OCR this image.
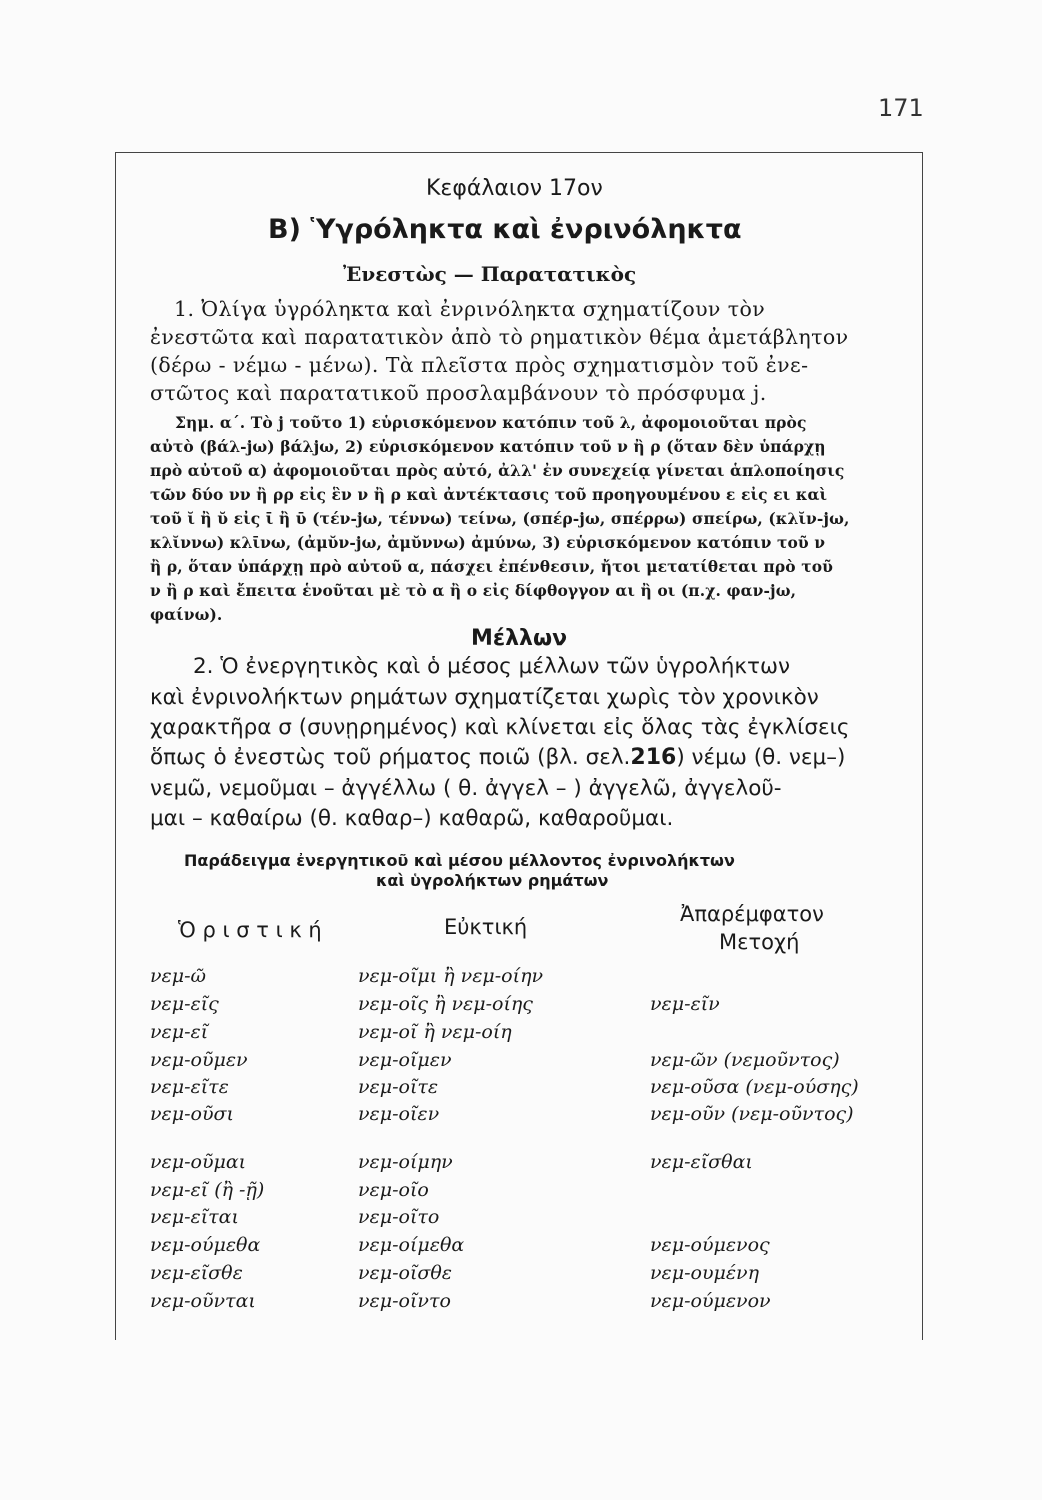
171
Κεφάλαιον 17ον
Β) Ὑγρόληκτα καὶ ἐνρινόληκτα
Ἐνεστὼς — Παρατατικὸς
1. Ὀλίγα ὑγρόληκτα καὶ ἐνρινόληκτα σχηματίζουν τὸν
ἐνεστῶτα καὶ παρατατικὸν ἀπὸ τὸ ρηματικὸν θέμα ἀμετάβλητον
(δέρω - νέμω - μένω). Τὰ πλεῖστα πρὸς σχηματισμὸν τοῦ ἐνε-
στῶτος καὶ παρατατικοῦ προσλαμβάνουν τὸ πρόσφυμα j.
Σημ. α΄. Τὸ j τοῦτο 1) εὑρισκόμενον κατόπιν τοῦ λ, ἀφομοιοῦται πρὸς
αὐτὸ (βάλ-jω) βάλjω, 2) εὑρισκόμενον κατόπιν τοῦ ν ἢ ρ (ὅταν δὲν ὑπάρχῃ
πρὸ αὐτοῦ α) ἀφομοιοῦται πρὸς αὐτό, ἀλλ' ἐν συνεχείᾳ γίνεται ἁπλοποίησις
τῶν δύο νν ἢ ρρ εἰς ἓν ν ἢ ρ καὶ ἀντέκτασις τοῦ προηγουμένου ε εἰς ει καὶ
τοῦ ῐ ἢ ῠ εἰς ῑ ἢ ῡ (τέν-jω, τέννω) τείνω, (σπέρ-jω, σπέρρω) σπείρω, (κλῐν-jω,
κλῐννω) κλῑνω, (ἀμῠν-jω, ἀμῠννω) ἀμύνω, 3) εὑρισκόμενον κατόπιν τοῦ ν
ἢ ρ, ὅταν ὑπάρχῃ πρὸ αὐτοῦ α, πάσχει ἐπένθεσιν, ἤτοι μετατίθεται πρὸ τοῦ
ν ἢ ρ καὶ ἔπειτα ἑνοῦται μὲ τὸ α ἢ ο εἰς δίφθογγον αι ἢ οι (π.χ. φαν-jω,
φαίνω).
Μέλλων
2. Ὁ ἐνεργητικὸς καὶ ὁ μέσος μέλλων τῶν ὑγρολήκτων
καὶ ἐνρινολήκτων ρημάτων σχηματίζεται χωρὶς τὸν χρονικὸν
χαρακτῆρα σ (συνῃρημένος) καὶ κλίνεται εἰς ὅλας τὰς ἐγκλίσεις
ὅπως ὁ ἐνεστὼς τοῦ ρήματος ποιῶ (βλ. σελ.216) νέμω (θ. νεμ–)
νεμῶ, νεμοῦμαι – ἀγγέλλω ( θ. ἀγγελ – ) ἀγγελῶ, ἀγγελοῦ-
μαι – καθαίρω (θ. καθαρ–) καθαρῶ, καθαροῦμαι.
Παράδειγμα ἐνεργητικοῦ καὶ μέσου μέλλοντος ἐνρινολήκτων
καὶ ὑγρολήκτων ρημάτων
Ὁ ρ ι σ τ ι κ ή	Εὐκτική
Ἀπαρέμφατον
Μετοχή
νεμ-ῶ
νεμ-εῖς
νεμ-εῖ
νεμ-οῦμεν
νεμ-εῖτε
νεμ-οῦσι
νεμ-οῖμι ἢ νεμ-οίην
νεμ-οῖς ἢ νεμ-οίης
νεμ-οῖ ἢ νεμ-οίη
νεμ-οῖμεν
νεμ-οῖτε
νεμ-οῖεν
νεμ-εῖν
νεμ-ῶν (νεμοῦντος)
νεμ-οῦσα (νεμ-ούσης)
νεμ-οῦν (νεμ-οῦντος)
νεμ-οῦμαι
νεμ-εῖ (ἢ -ῇ)
νεμ-εῖται
νεμ-ούμεθα
νεμ-εῖσθε
νεμ-οῦνται
νεμ-οίμην
νεμ-οῖο
νεμ-οῖτο
νεμ-οίμεθα
νεμ-οῖσθε
νεμ-οῖντο
νεμ-εῖσθαι
νεμ-ούμενος
νεμ-ουμένη
νεμ-ούμενον
